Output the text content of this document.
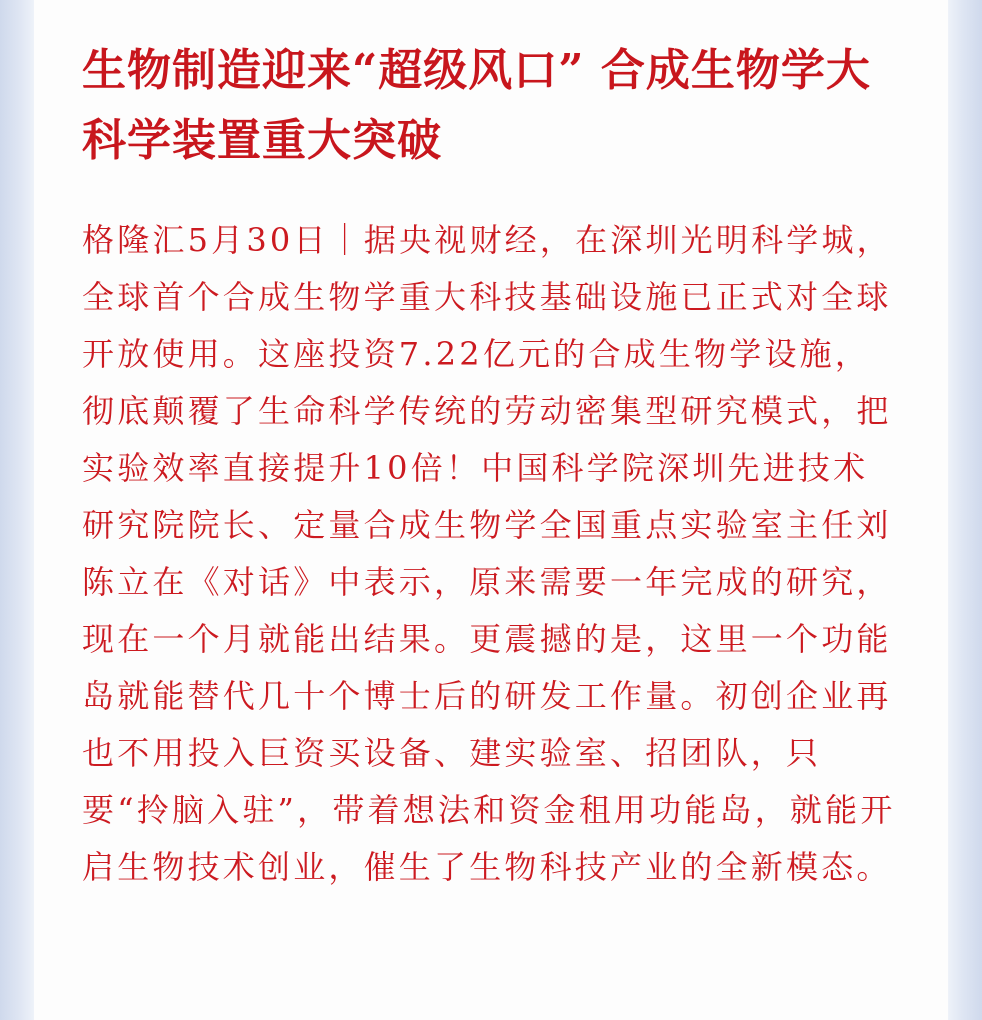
生物制造迎来“超级风口” 合成生物学大科学装置重大突破

格隆汇5月30日｜据央视财经，在深圳光明科学城，全球首个合成生物学重大科技基础设施已正式对全球开放使用。这座投资7.22亿元的合成生物学设施，彻底颠覆了生命科学传统的劳动密集型研究模式，把实验效率直接提升10倍！中国科学院深圳先进技术研究院院长、定量合成生物学全国重点实验室主任刘陈立在《对话》中表示，原来需要一年完成的研究，现在一个月就能出结果。更震撼的是，这里一个功能岛就能替代几十个博士后的研发工作量。初创企业再也不用投入巨资买设备、建实验室、招团队，只要“拎脑入驻”，带着想法和资金租用功能岛，就能开启生物技术创业，催生了生物科技产业的全新模态。
